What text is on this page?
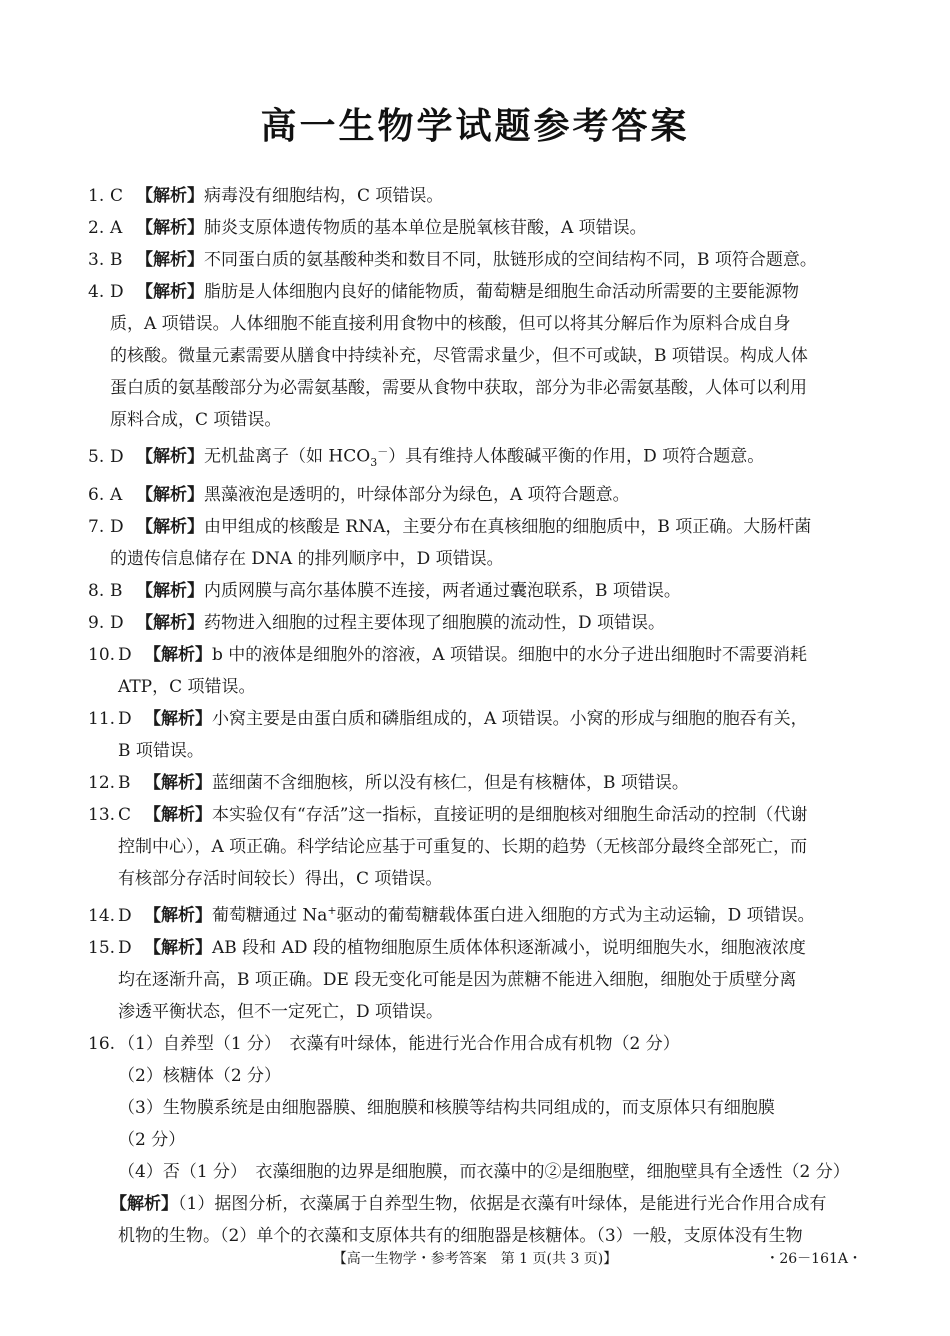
高一生物学试题参考答案
1. C 【 解析 】 病毒没有细胞结构，C 项错误。
2. A 【 解析 】 肺炎支原体遗传物质的基本单位是脱氧核苷酸，A 项错误。
3. B 【 解析 】 不同蛋白质的氨基酸种类和数目不同，肽链形成的空间结构不同，B 项符合题意。
4. D 【 解析 】 脂肪是人体细胞内良好的储能物质，葡萄糖是细胞生命活动所需要的主要能源物
质，A 项错误。人体细胞不能直接利用食物中的核酸，但可以将其分解后作为原料合成自身
的核酸。微量元素需要从膳食中持续补充，尽管需求量少，但不可或缺，B 项错误。构成人体
蛋白质的氨基酸部分为必需氨基酸，需要从食物中获取，部分为非必需氨基酸，人体可以利用
原料合成，C 项错误。
5. D 【 解析 】 无机盐离子（如 $HCO_3^-$）具有维持人体酸碱平衡的作用，D 项符合题意。
6. A 【 解析 】 黑藻液泡是透明的，叶绿体部分为绿色，A 项符合题意。
7. D 【 解析 】 由甲组成的核酸是 RNA，主要分布在真核细胞的细胞质中，B 项正确。大肠杆菌
的遗传信息储存在 DNA 的排列顺序中，D 项错误。
8. B 【 解析 】 内质网膜与高尔基体膜不连接，两者通过囊泡联系，B 项错误。
9. D 【 解析 】 药物进入细胞的过程主要体现了细胞膜的流动性，D 项错误。
10. D 【 解析 】 b 中的液体是细胞外的溶液，A 项错误。细胞中的水分子进出细胞时不需要消耗
ATP，C 项错误。
11. D 【 解析 】 小窝主要是由蛋白质和磷脂组成的，A 项错误。小窝的形成与细胞的胞吞有关，
B 项错误。
12. B 【 解析 】 蓝细菌不含细胞核，所以没有核仁，但是有核糖体，B 项错误。
13. C 【 解析 】 本实验仅有“存活”这一指标，直接证明的是细胞核对细胞生命活动的控制（代谢
控制中心），A 项正确。科学结论应基于可重复的、长期的趋势（无核部分最终全部死亡，而
有核部分存活时间较长）得出，C 项错误。
14. D 【 解析 】 葡萄糖通过 Na+驱动的葡萄糖载体蛋白进入细胞的方式为主动运输，D 项错误。
15. D 【 解析 】 AB 段和 AD 段的植物细胞原生质体体积逐渐减小，说明细胞失水，细胞液浓度
均在逐渐升高，B 项正确。DE 段无变化可能是因为蔗糖不能进入细胞，细胞处于质壁分离
渗透平衡状态，但不一定死亡，D 项错误。
16. （1）自养型（1 分）　衣藻有叶绿体，能进行光合作用合成有机物（2 分）
（2）核糖体（2 分）
（3）生物膜系统是由细胞器膜、细胞膜和核膜等结构共同组成的，而支原体只有细胞膜
（2 分）
（4）否（1 分）　衣藻细胞的边界是细胞膜，而衣藻中的②是细胞壁，细胞壁具有全透性（2 分）
【 解析 】 （1）据图分析，衣藻属于自养型生物，依据是衣藻有叶绿体，是能进行光合作用合成有
机物的生物。（2）单个的衣藻和支原体共有的细胞器是核糖体。（3）一般，支原体没有生物
【高一生物学・参考答案　第 1 页(共 3 页)】	・26－161A・
